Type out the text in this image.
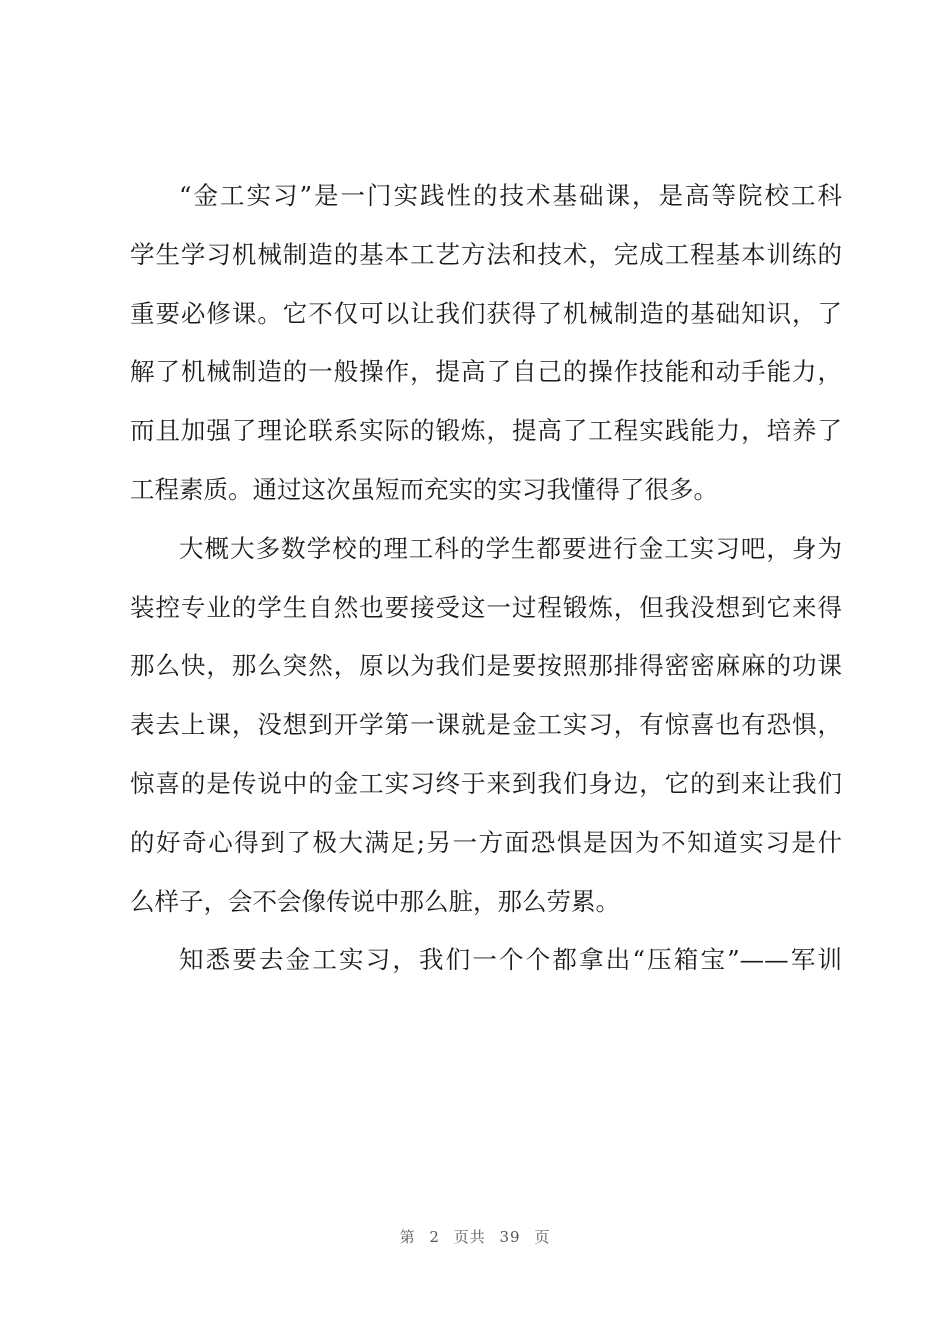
“金工实习”是一门实践性的技术基础课，是高等院校工科
学生学习机械制造的基本工艺方法和技术，完成工程基本训练的
重要必修课。它不仅可以让我们获得了机械制造的基础知识，了
解了机械制造的一般操作，提高了自己的操作技能和动手能力，
而且加强了理论联系实际的锻炼，提高了工程实践能力，培养了
工程素质。通过这次虽短而充实的实习我懂得了很多。
大概大多数学校的理工科的学生都要进行金工实习吧，身为
装控专业的学生自然也要接受这一过程锻炼，但我没想到它来得
那么快，那么突然，原以为我们是要按照那排得密密麻麻的功课
表去上课，没想到开学第一课就是金工实习，有惊喜也有恐惧，
惊喜的是传说中的金工实习终于来到我们身边，它的到来让我们
的好奇心得到了极大满足;另一方面恐惧是因为不知道实习是什
么样子，会不会像传说中那么脏，那么劳累。
知悉要去金工实习，我们一个个都拿出“压箱宝”——军训
第 2 页共 39 页
